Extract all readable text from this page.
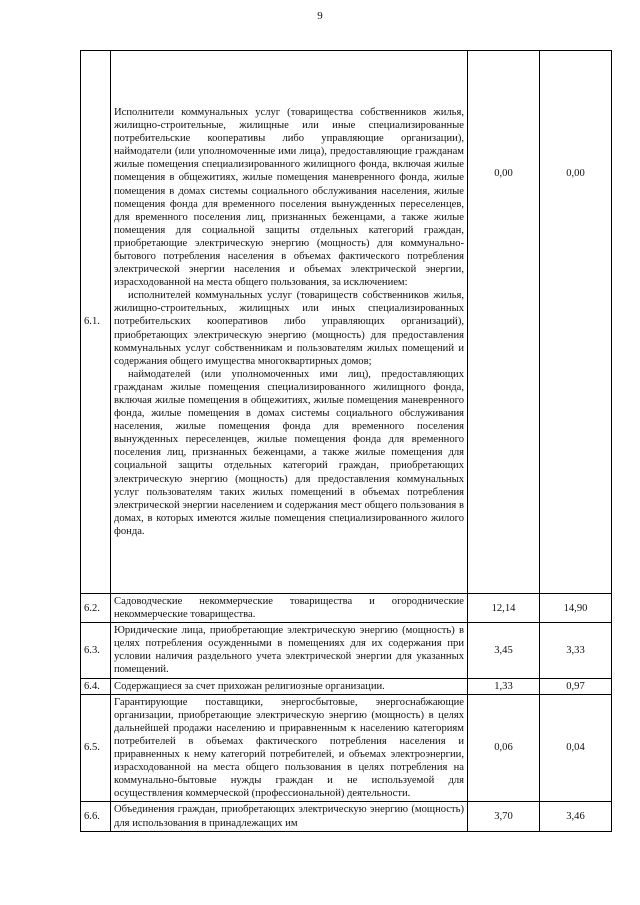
9
6.1.	Исполнители коммунальных услуг (товарищества собственников жилья, жилищно-строительные, жилищные или иные специализированные потребительские кооперативы либо управляющие организации), наймодатели (или уполномоченные ими лица), предоставляющие гражданам жилые помещения специализированного жилищного фонда, включая жилые помещения в общежитиях, жилые помещения маневренного фонда, жилые помещения в домах системы социального обслуживания населения, жилые помещения фонда для временного поселения вынужденных переселенцев, для временного поселения лиц, признанных беженцами, а также жилые помещения для социальной защиты отдельных категорий граждан, приобретающие электрическую энергию (мощность) для коммунально-бытового потребления населения в объемах фактического потребления электрической энергии населения и объемах электрической энергии, израсходованной на места общего пользования, за исключением:

исполнителей коммунальных услуг (товариществ собственников жилья, жилищно-строительных, жилищных или иных специализированных потребительских кооперативов либо управляющих организаций), приобретающих электрическую энергию (мощность) для предоставления коммунальных услуг собственникам и пользователям жилых помещений и содержания общего имущества многоквартирных домов;

наймодателей (или уполномоченных ими лиц), предоставляющих гражданам жилые помещения специализированного жилищного фонда, включая жилые помещения в общежитиях, жилые помещения маневренного фонда, жилые помещения в домах системы социального обслуживания населения, жилые помещения фонда для временного поселения вынужденных переселенцев, жилые помещения фонда для временного поселения лиц, признанных беженцами, а также жилые помещения для социальной защиты отдельных категорий граждан, приобретающих электрическую энергию (мощность) для предоставления коммунальных услуг пользователям таких жилых помещений в объемах потребления электрической энергии населением и содержания мест общего пользования в домах, в которых имеются жилые помещения специализированного жилого фонда.	0,00	0,00
6.2.	Садоводческие некоммерческие товарищества и огороднические некоммерческие товарищества.	12,14	14,90
6.3.	Юридические лица, приобретающие электрическую энергию (мощность) в целях потребления осужденными в помещениях для их содержания при условии наличия раздельного учета электрической энергии для указанных помещений.	3,45	3,33
6.4.	Содержащиеся за счет прихожан религиозные организации.	1,33	0,97
6.5.	Гарантирующие поставщики, энергосбытовые, энергоснабжающие организации, приобретающие электрическую энергию (мощность) в целях дальнейшей продажи населению и приравненным к населению категориям потребителей в объемах фактического потребления населения и приравненных к нему категорий потребителей, и объемах электроэнергии, израсходованной на места общего пользования в целях потребления на коммунально-бытовые нужды граждан и не используемой для осуществления коммерческой (профессиональной) деятельности.	0,06	0,04
6.6.	Объединения граждан, приобретающих электрическую энергию (мощность) для использования в принадлежащих им	3,70	3,46
